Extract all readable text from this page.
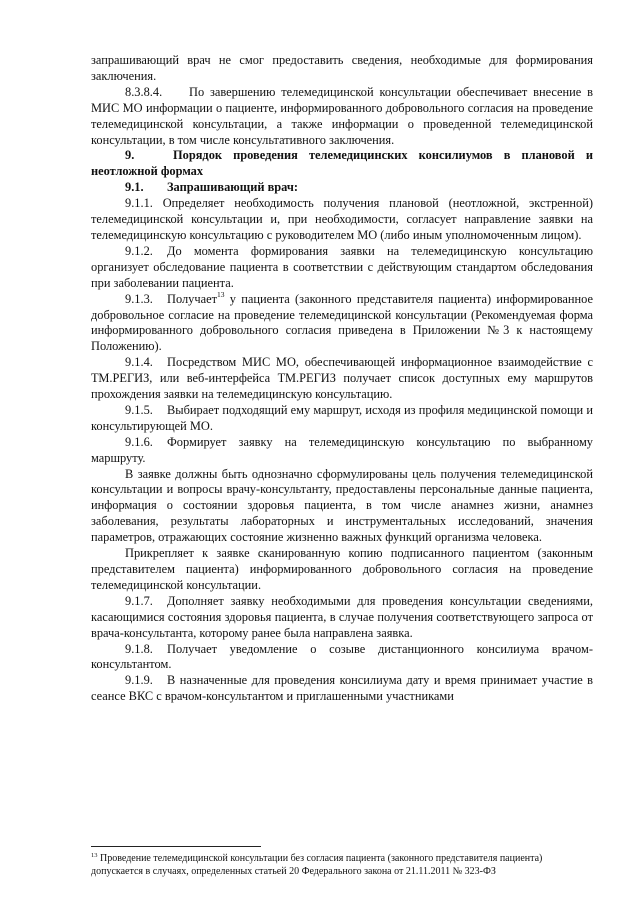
запрашивающий врач не смог предоставить сведения, необходимые для формирования заключения.

8.3.8.4. По завершению телемедицинской консультации обеспечивает внесение в МИС МО информации о пациенте, информированного добровольного согласия на проведение телемедицинской консультации, а также информации о проведенной телемедицинской консультации, в том числе консультативного заключения.

9.	Порядок проведения телемедицинских консилиумов в плановой и неотложной формах

9.1. Запрашивающий врач:

9.1.1. Определяет необходимость получения плановой (неотложной, экстренной) телемедицинской консультации и, при необходимости, согласует направление заявки на телемедицинскую консультацию с руководителем МО (либо иным уполномоченным лицом).

9.1.2. До момента формирования заявки на телемедицинскую консультацию организует обследование пациента в соответствии с действующим стандартом обследования при заболевании пациента.

9.1.3. Получает$^{13}$ у пациента (законного представителя пациента) информированное добровольное согласие на проведение телемедицинской консультации (Рекомендуемая форма информированного добровольного согласия приведена в Приложении №3 к настоящему Положению).

9.1.4. Посредством МИС МО, обеспечивающей информационное взаимодействие с ТМ.РЕГИЗ, или веб-интерфейса ТМ.РЕГИЗ получает список доступных ему маршрутов прохождения заявки на телемедицинскую консультацию.

9.1.5. Выбирает подходящий ему маршрут, исходя из профиля медицинской помощи и консультирующей МО.

9.1.6. Формирует заявку на телемедицинскую консультацию по выбранному маршруту.

В заявке должны быть однозначно сформулированы цель получения телемедицинской консультации и вопросы врачу-консультанту, предоставлены персональные данные пациента, информация о состоянии здоровья пациента, в том числе анамнез жизни, анамнез заболевания, результаты лабораторных и инструментальных исследований, значения параметров, отражающих состояние жизненно важных функций организма человека.

Прикрепляет к заявке сканированную копию подписанного пациентом (законным представителем пациента) информированного добровольного согласия на проведение телемедицинской консультации.

9.1.7. Дополняет заявку необходимыми для проведения консультации сведениями, касающимися состояния здоровья пациента, в случае получения соответствующего запроса от врача-консультанта, которому ранее была направлена заявка.

9.1.8. Получает уведомление о созыве дистанционного консилиума врачом-консультантом.

9.1.9. В назначенные для проведения консилиума дату и время принимает участие в сеансе ВКС с врачом-консультантом и приглашенными участниками

$^{13}$ Проведение телемедицинской консультации без согласия пациента (законного представителя пациента) допускается в случаях, определенных статьей 20 Федерального закона от 21.11.2011 № 323-ФЗ
